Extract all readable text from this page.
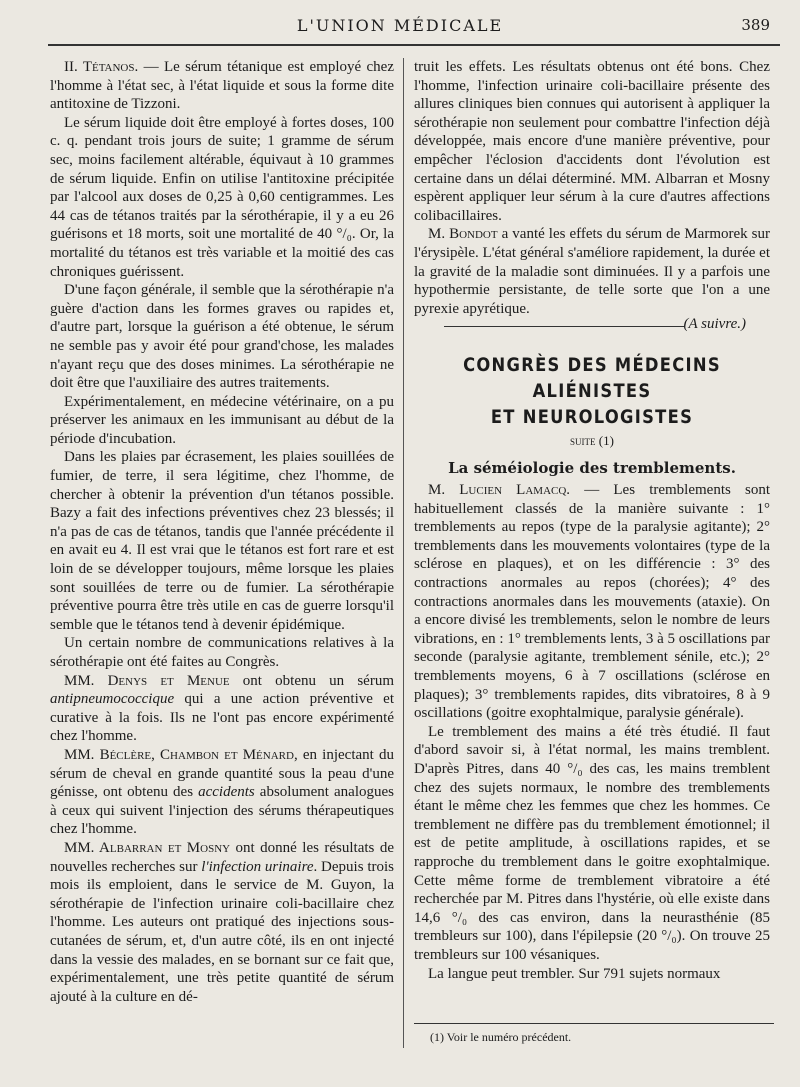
L'UNION MÉDICALE	389

II. Tétanos. — Le sérum tétanique est employé chez l'homme à l'état sec, à l'état liquide et sous la forme dite antitoxine de Tizzoni.

Le sérum liquide doit être employé à fortes doses, 100 c. q. pendant trois jours de suite; 1 gramme de sérum sec, moins facilement altérable, équivaut à 10 grammes de sérum liquide. Enfin on utilise l'antitoxine précipitée par l'alcool aux doses de 0,25 à 0,60 centigrammes. Les 44 cas de tétanos traités par la sérothérapie, il y a eu 26 guérisons et 18 morts, soit une mortalité de 40 °/₀. Or, la mortalité du tétanos est très variable et la moitié des cas chroniques guérissent.

D'une façon générale, il semble que la sérothérapie n'a guère d'action dans les formes graves ou rapides et, d'autre part, lorsque la guérison a été obtenue, le sérum ne semble pas y avoir été pour grand'chose, les malades n'ayant reçu que des doses minimes. La sérothérapie ne doit être que l'auxiliaire des autres traitements.

Expérimentalement, en médecine vétérinaire, on a pu préserver les animaux en les immunisant au début de la période d'incubation.

Dans les plaies par écrasement, les plaies souillées de fumier, de terre, il sera légitime, chez l'homme, de chercher à obtenir la prévention d'un tétanos possible. Bazy a fait des infections préventives chez 23 blessés; il n'a pas de cas de tétanos, tandis que l'année précédente il en avait eu 4. Il est vrai que le tétanos est fort rare et est loin de se développer toujours, même lorsque les plaies sont souillées de terre ou de fumier. La sérothérapie préventive pourra être très utile en cas de guerre lorsqu'il semble que le tétanos tend à devenir épidémique.

Un certain nombre de communications relatives à la sérothérapie ont été faites au Congrès.

MM. Denys et Menue ont obtenu un sérum antipneumococcique qui a une action préventive et curative à la fois. Ils ne l'ont pas encore expérimenté chez l'homme.

MM. Béclère, Chambon et Ménard, en injectant du sérum de cheval en grande quantité sous la peau d'une génisse, ont obtenu des accidents absolument analogues à ceux qui suivent l'injection des sérums thérapeutiques chez l'homme.

MM. Albarran et Mosny ont donné les résultats de nouvelles recherches sur l'infection urinaire. Depuis trois mois ils emploient, dans le service de M. Guyon, la sérothérapie de l'infection urinaire coli-bacillaire chez l'homme. Les auteurs ont pratiqué des injections sous-cutanées de sérum, et, d'un autre côté, ils en ont injecté dans la vessie des malades, en se bornant sur ce fait que, expérimentalement, une très petite quantité de sérum ajouté à la culture en dé-

truit les effets. Les résultats obtenus ont été bons. Chez l'homme, l'infection urinaire coli-bacillaire présente des allures cliniques bien connues qui autorisent à appliquer la sérothérapie non seulement pour combattre l'infection déjà développée, mais encore d'une manière préventive, pour empêcher l'éclosion d'accidents dont l'évolution est certaine dans un délai déterminé. MM. Albarran et Mosny espèrent appliquer leur sérum à la cure d'autres affections colibacillaires.

M. Bondot a vanté les effets du sérum de Marmorek sur l'érysipèle. L'état général s'améliore rapidement, la durée et la gravité de la maladie sont diminuées. Il y a parfois une hypothermie persistante, de telle sorte que l'on a une pyrexie apyrétique.

(A suivre.)
CONGRÈS DES MÉDECINS ALIÉNISTES
ET NEUROLOGISTES
suite (1)
La séméiologie des tremblements.

M. Lucien Lamacq. — Les tremblements sont habituellement classés de la manière suivante : 1° tremblements au repos (type de la paralysie agitante); 2° tremblements dans les mouvements volontaires (type de la sclérose en plaques), et on les différencie : 3° des contractions anormales au repos (chorées); 4° des contractions anormales dans les mouvements (ataxie). On a encore divisé les tremblements, selon le nombre de leurs vibrations, en : 1° tremblements lents, 3 à 5 oscillations par seconde (paralysie agitante, tremblement sénile, etc.); 2° tremblements moyens, 6 à 7 oscillations (sclérose en plaques); 3° tremblements rapides, dits vibratoires, 8 à 9 oscillations (goitre exophtalmique, paralysie générale).

Le tremblement des mains a été très étudié. Il faut d'abord savoir si, à l'état normal, les mains tremblent. D'après Pitres, dans 40 °/₀ des cas, les mains tremblent chez des sujets normaux, le nombre des tremblements étant le même chez les femmes que chez les hommes. Ce tremblement ne diffère pas du tremblement émotionnel; il est de petite amplitude, à oscillations rapides, et se rapproche du tremblement dans le goitre exophtalmique. Cette même forme de tremblement vibratoire a été recherchée par M. Pitres dans l'hystérie, où elle existe dans 14,6 °/₀ des cas environ, dans la neurasthénie (85 trembleurs sur 100), dans l'épilepsie (20 °/₀). On trouve 25 trembleurs sur 100 vésaniques.

La langue peut trembler. Sur 791 sujets normaux

(1) Voir le numéro précédent.
